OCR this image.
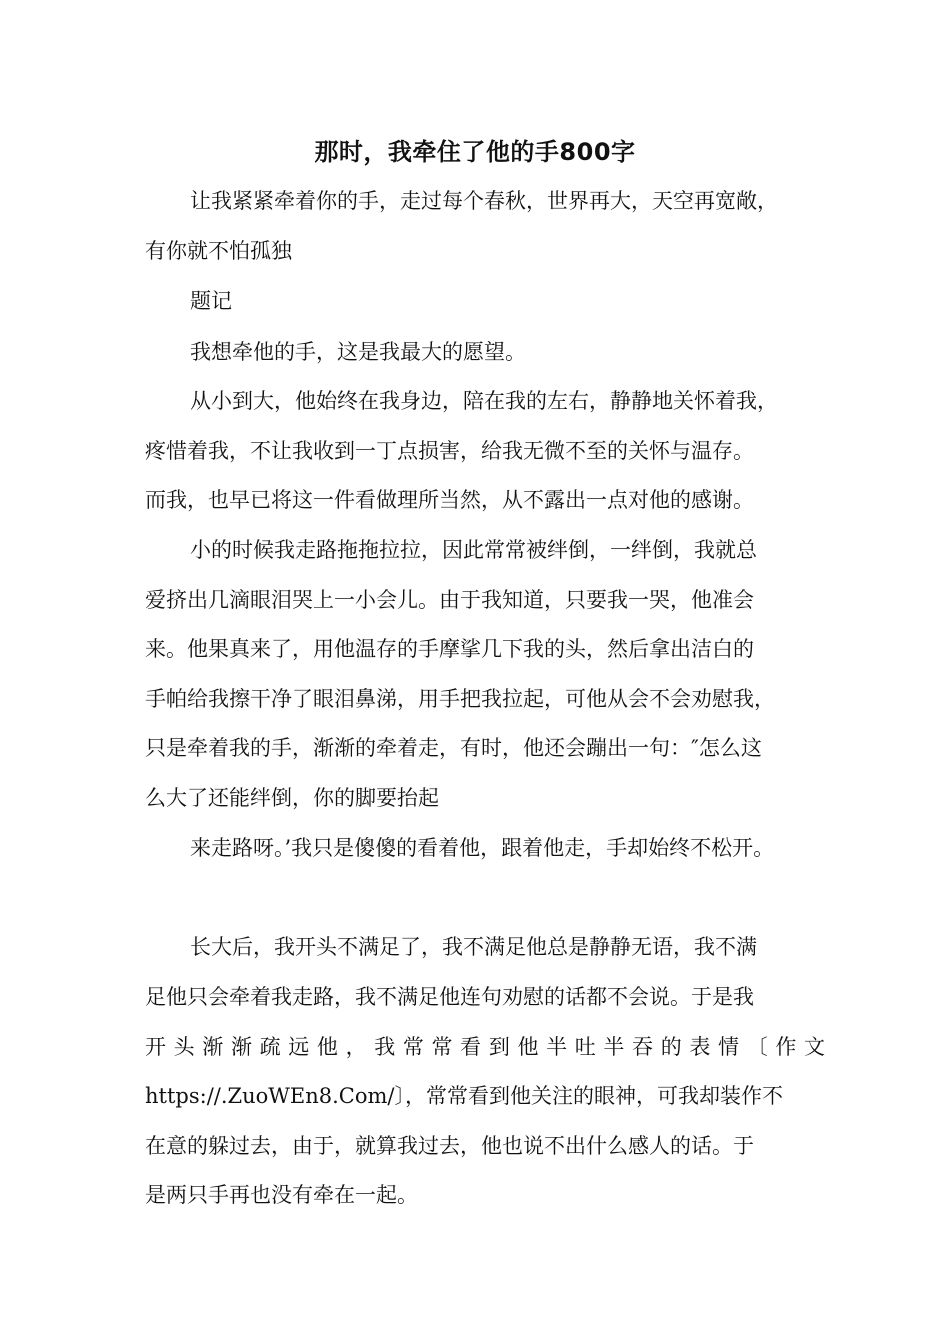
那时，我牵住了他的手800字
让我紧紧牵着你的手，走过每个春秋，世界再大，天空再宽敞，
有你就不怕孤独
题记
我想牵他的手，这是我最大的愿望。
从小到大，他始终在我身边，陪在我的左右，静静地关怀着我，
疼惜着我，不让我收到一丁点损害，给我无微不至的关怀与温存。
而我，也早已将这一件看做理所当然，从不露出一点对他的感谢。
小的时候我走路拖拖拉拉，因此常常被绊倒，一绊倒，我就总
爱挤出几滴眼泪哭上一小会儿。由于我知道，只要我一哭，他准会
来。他果真来了，用他温存的手摩挲几下我的头，然后拿出洁白的
手帕给我擦干净了眼泪鼻涕，用手把我拉起，可他从会不会劝慰我，
只是牵着我的手，渐渐的牵着走，有时，他还会蹦出一句：″怎么这
么大了还能绊倒，你的脚要抬起
来走路呀。’我只是傻傻的看着他，跟着他走，手却始终不松开。
长大后，我开头不满足了，我不满足他总是静静无语，我不满
足他只会牵着我走路，我不满足他连句劝慰的话都不会说。于是我
开头渐渐疏远他，我常常看到他半吐半吞的表情〔作文
https://.ZuoWEn8.Com/〕，常常看到他关注的眼神，可我却装作不
在意的躲过去，由于，就算我过去，他也说不出什么感人的话。于
是两只手再也没有牵在一起。
